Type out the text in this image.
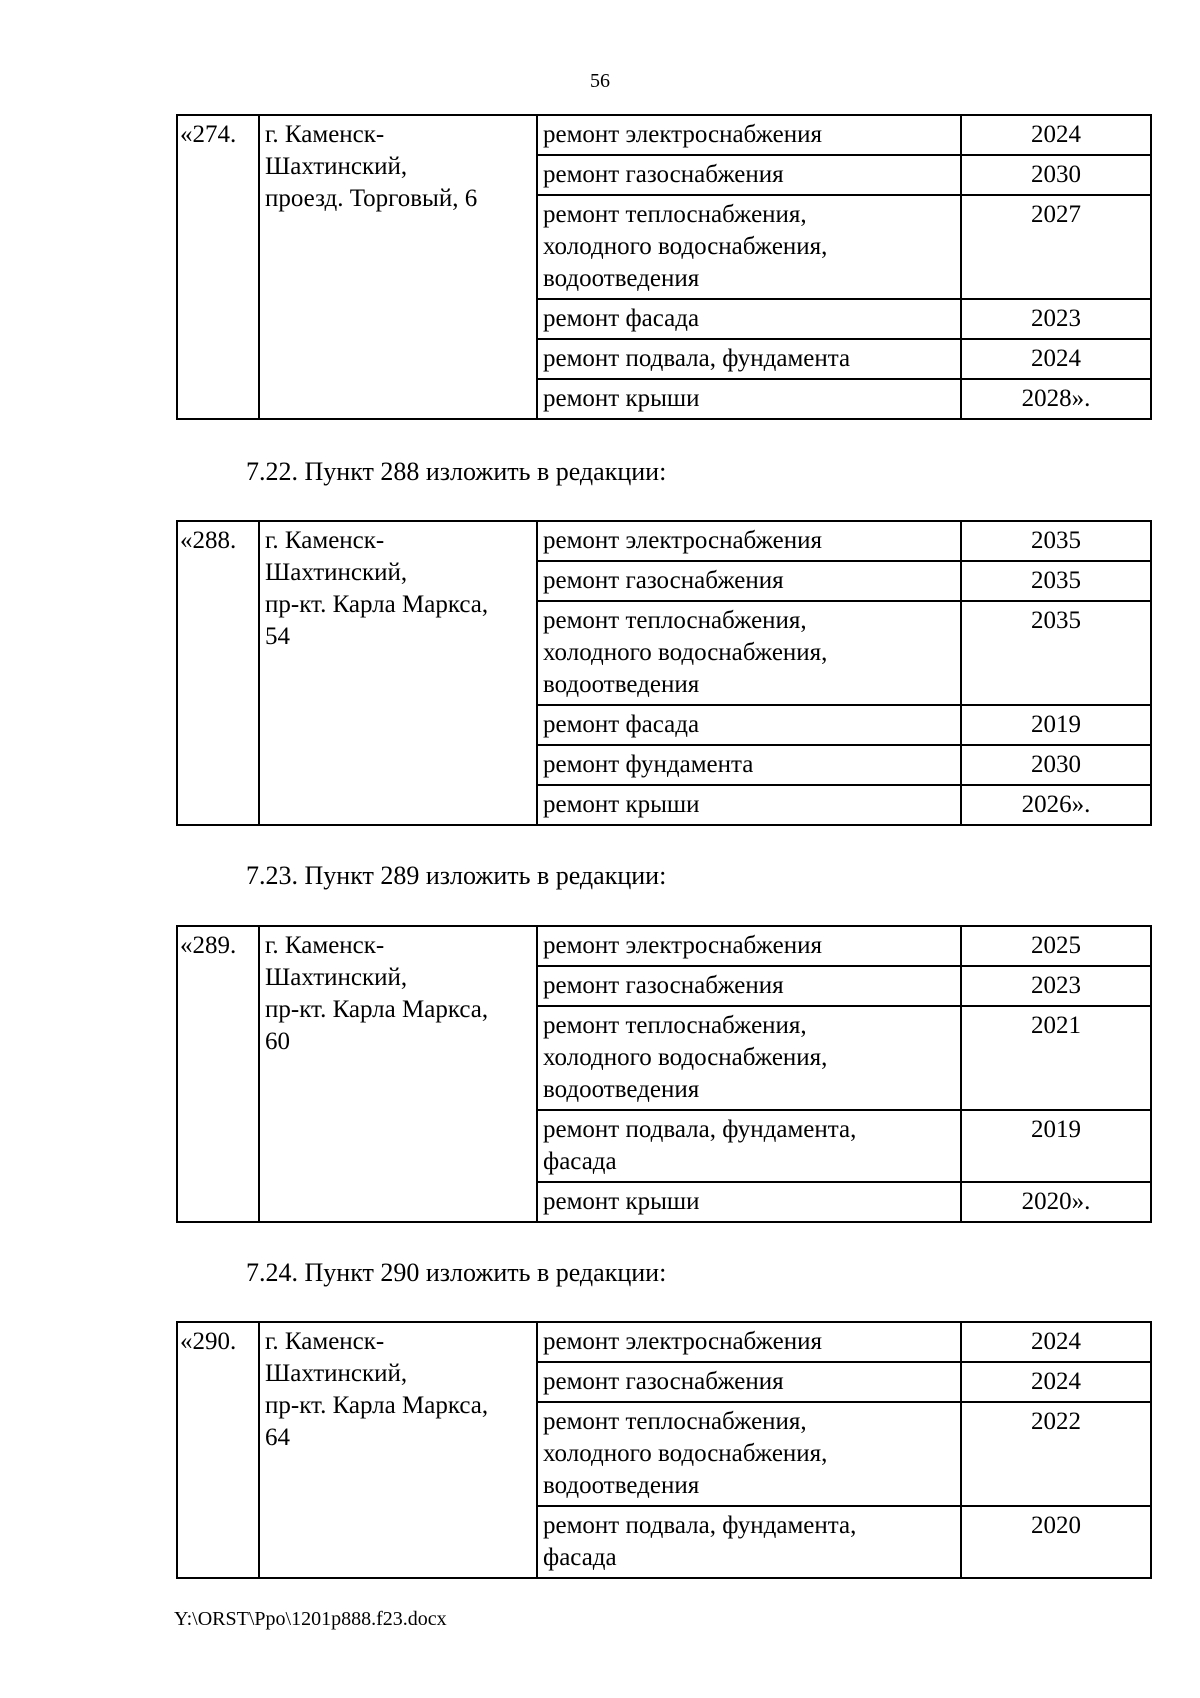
56
«274.	г. Каменск-
Шахтинский,
проезд. Торговый, 6	ремонт электроснабжения	2024

		ремонт газоснабжения	2030

		ремонт теплоснабжения,
холодного водоснабжения,
водоотведения	2027

		ремонт фасада	2023

		ремонт подвала, фундамента	2024

		ремонт крыши	2028».
7.22. Пункт 288 изложить в редакции:
«288.	г. Каменск-
Шахтинский,
пр-кт. Карла Маркса,
54	ремонт электроснабжения	2035

		ремонт газоснабжения	2035

		ремонт теплоснабжения,
холодного водоснабжения,
водоотведения	2035

		ремонт фасада	2019

		ремонт фундамента	2030

		ремонт крыши	2026».
7.23. Пункт 289 изложить в редакции:
«289.	г. Каменск-
Шахтинский,
пр-кт. Карла Маркса,
60	ремонт электроснабжения	2025

		ремонт газоснабжения	2023

		ремонт теплоснабжения,
холодного водоснабжения,
водоотведения	2021

		ремонт подвала, фундамента,
фасада	2019

		ремонт крыши	2020».
7.24. Пункт 290 изложить в редакции:
«290.	г. Каменск-
Шахтинский,
пр-кт. Карла Маркса,
64	ремонт электроснабжения	2024

		ремонт газоснабжения	2024

		ремонт теплоснабжения,
холодного водоснабжения,
водоотведения	2022

		ремонт подвала, фундамента,
фасада	2020
Y:\ORST\Ppo\1201p888.f23.docx
